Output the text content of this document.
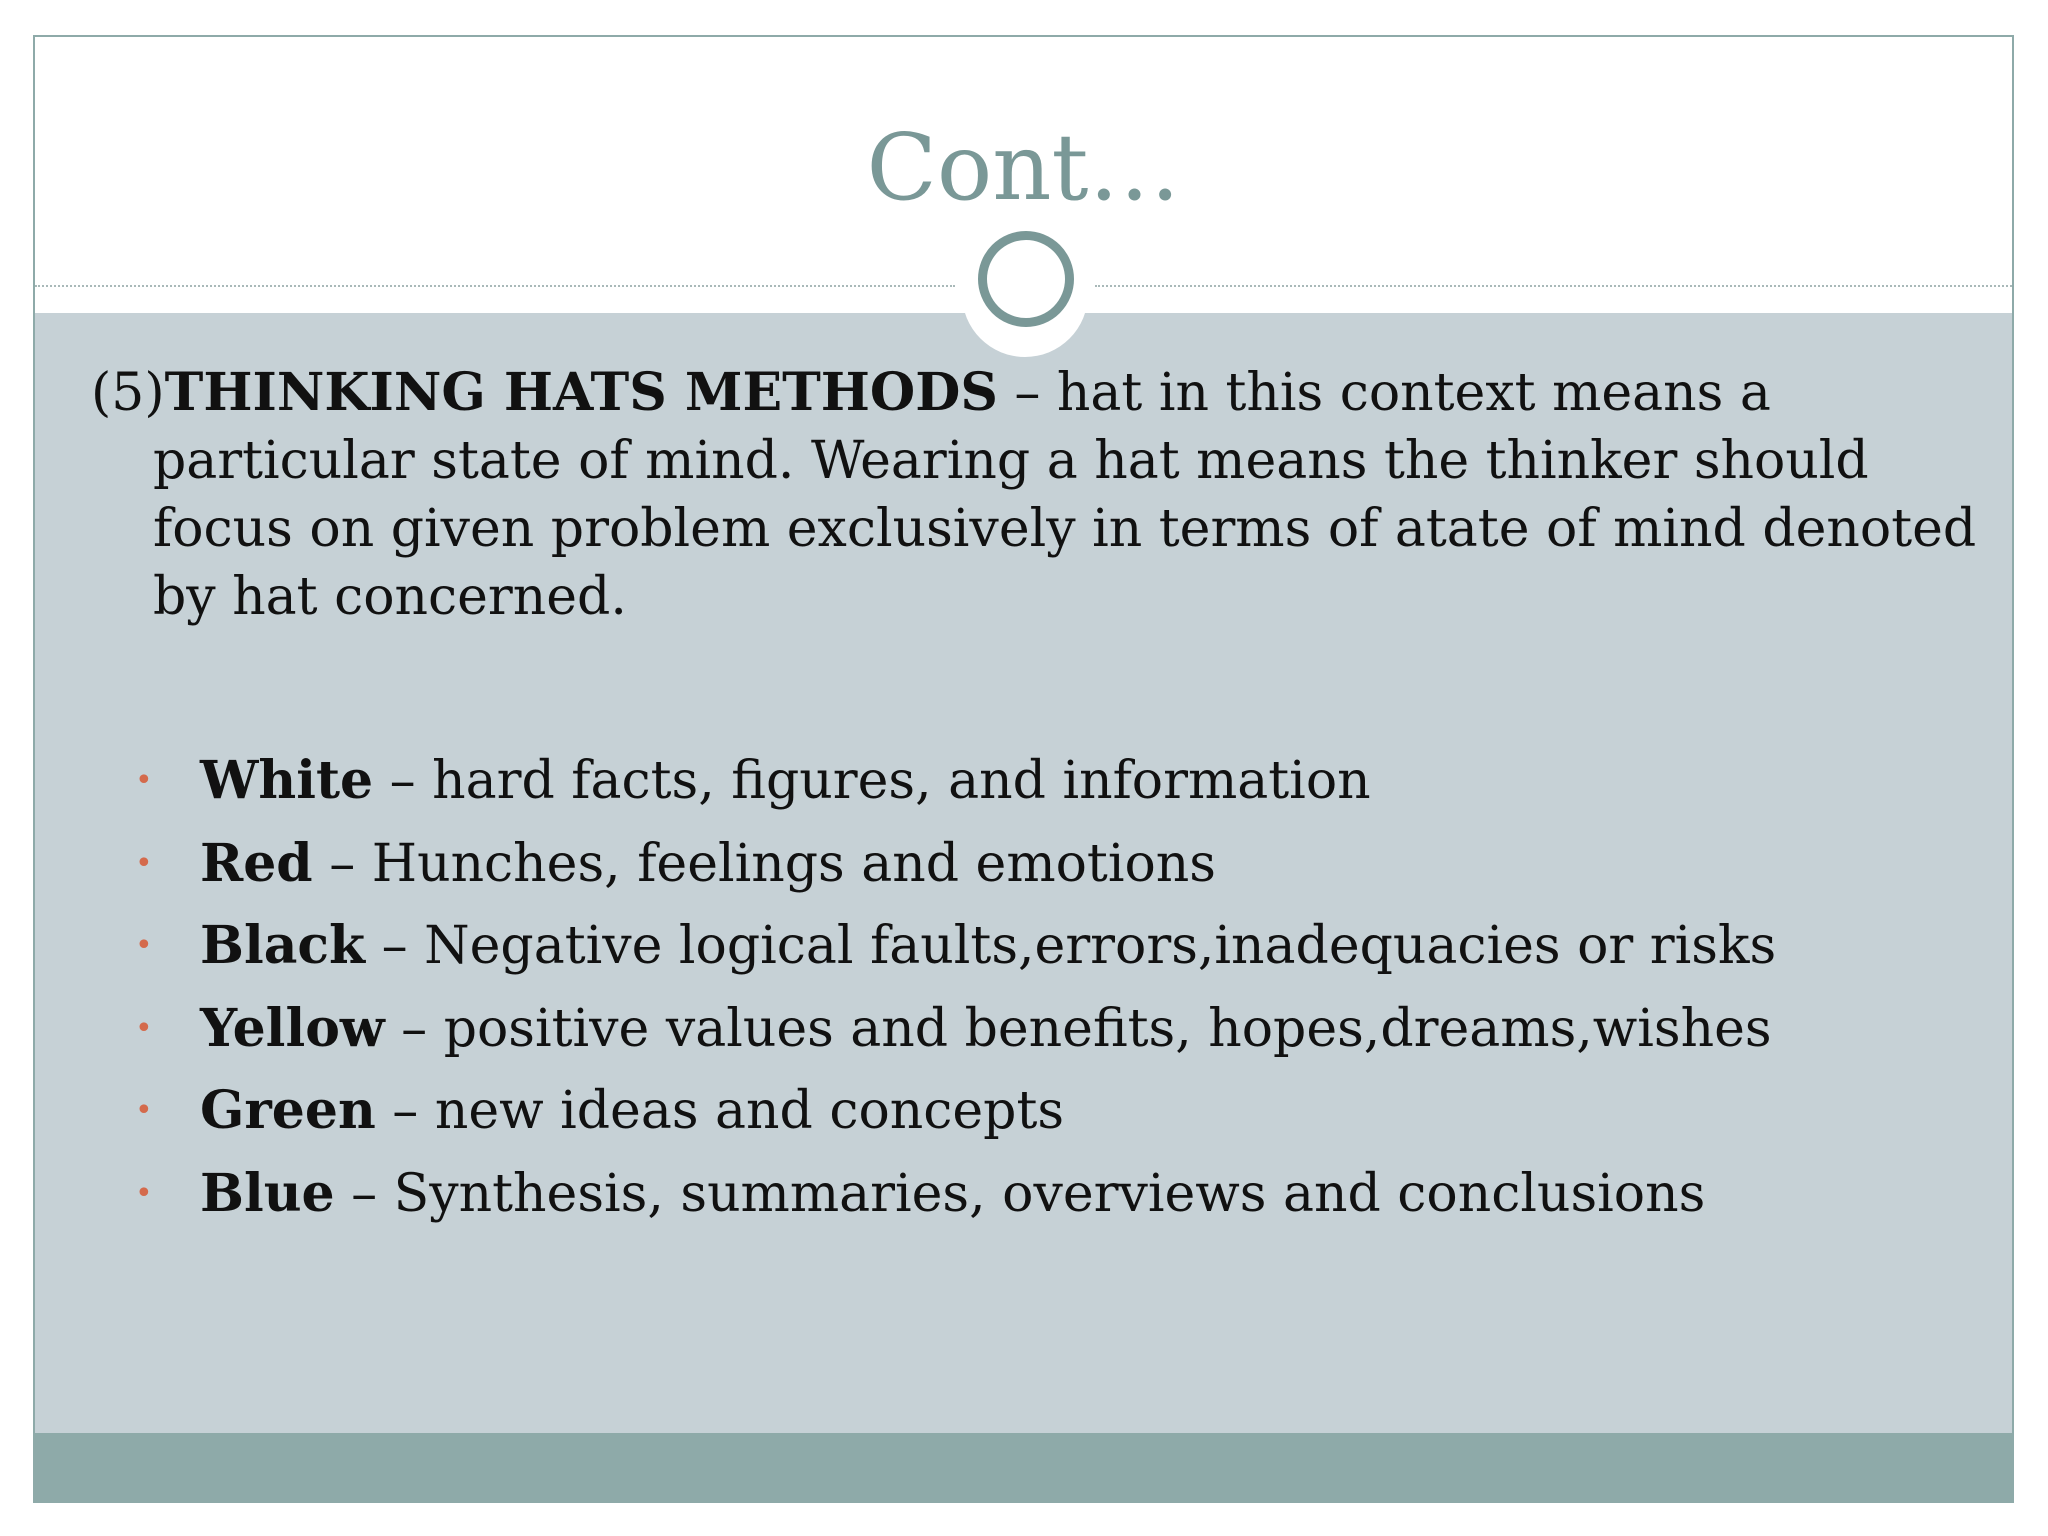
Cont…

(5)THINKING HATS METHODS – hat in this context means a particular state of mind. Wearing a hat means the thinker should focus on given problem exclusively in terms of atate of mind denoted by hat concerned.

• White – hard facts, figures, and information
• Red – Hunches, feelings and emotions
• Black – Negative logical faults,errors,inadequacies or risks
• Yellow – positive values and benefits, hopes,dreams,wishes
• Green – new ideas and concepts
• Blue – Synthesis, summaries, overviews and conclusions
